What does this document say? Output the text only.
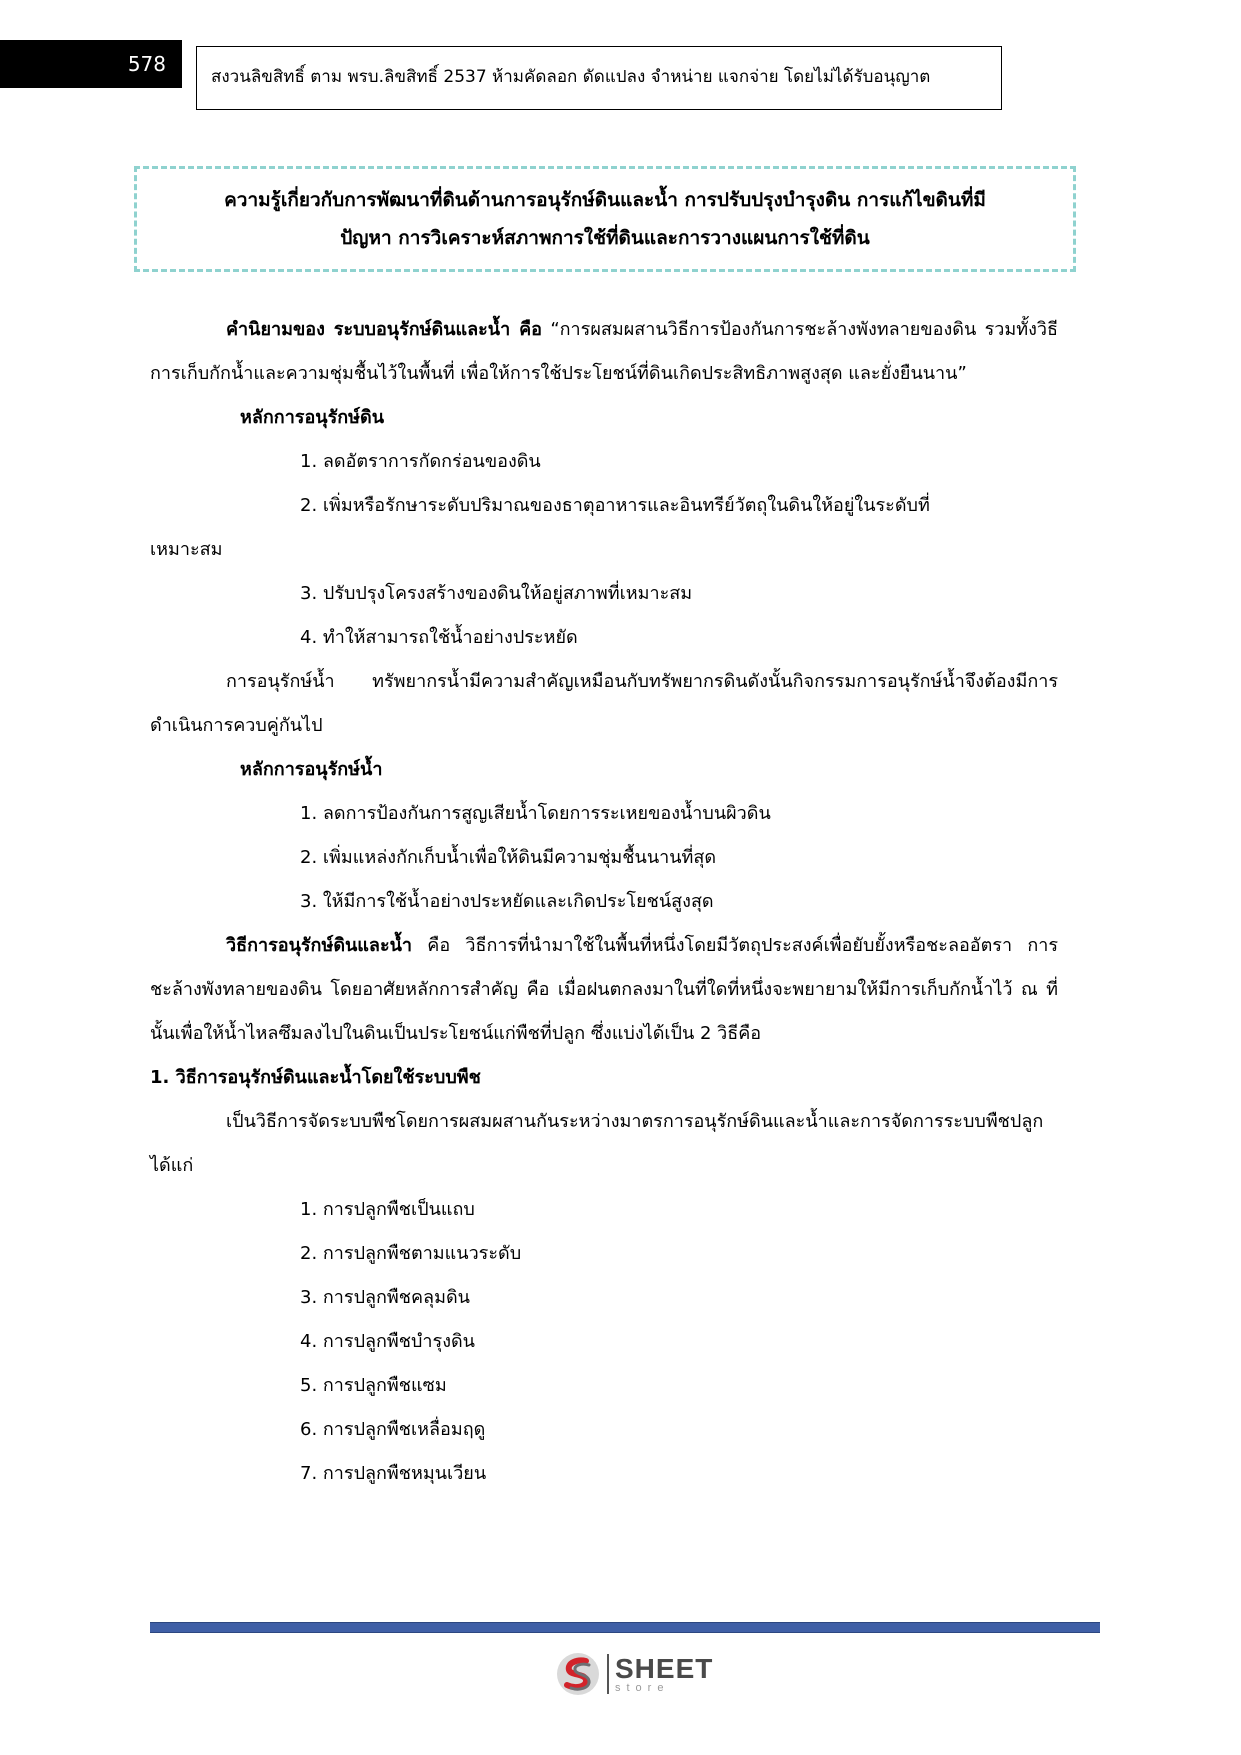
578
สงวนลิขสิทธิ์ ตาม พรบ.ลิขสิทธิ์ 2537 ห้ามคัดลอก ดัดแปลง จำหน่าย แจกจ่าย โดยไม่ได้รับอนุญาต
ความรู้เกี่ยวกับการพัฒนาที่ดินด้านการอนุรักษ์ดินและน้ำ การปรับปรุงบำรุงดิน การแก้ไขดินที่มี
ปัญหา การวิเคราะห์สภาพการใช้ที่ดินและการวางแผนการใช้ที่ดิน

คำนิยามของ ระบบอนุรักษ์ดินและน้ำ คือ “การผสมผสานวิธีการป้องกันการชะล้างพังทลายของดิน รวมทั้งวิธีการเก็บกักน้ำและความชุ่มชื้นไว้ในพื้นที่ เพื่อให้การใช้ประโยชน์ที่ดินเกิดประสิทธิภาพสูงสุด และยั่งยืนนาน”

หลักการอนุรักษ์ดิน

1. ลดอัตราการกัดกร่อนของดิน

2. เพิ่มหรือรักษาระดับปริมาณของธาตุอาหารและอินทรีย์วัตถุในดินให้อยู่ในระดับที่

เหมาะสม

3. ปรับปรุงโครงสร้างของดินให้อยู่สภาพที่เหมาะสม

4. ทำให้สามารถใช้น้ำอย่างประหยัด

การอนุรักษ์น้ำ ทรัพยากรน้ำมีความสำคัญเหมือนกับทรัพยากรดินดังนั้นกิจกรรมการอนุรักษ์น้ำจึงต้องมีการดำเนินการควบคู่กันไป

หลักการอนุรักษ์น้ำ

1. ลดการป้องกันการสูญเสียน้ำโดยการระเหยของน้ำบนผิวดิน

2. เพิ่มแหล่งกักเก็บน้ำเพื่อให้ดินมีความชุ่มชื้นนานที่สุด

3. ให้มีการใช้น้ำอย่างประหยัดและเกิดประโยชน์สูงสุด

วิธีการอนุรักษ์ดินและน้ำ คือ วิธีการที่นำมาใช้ในพื้นที่หนึ่งโดยมีวัตถุประสงค์เพื่อยับยั้งหรือชะลออัตรา การชะล้างพังทลายของดิน โดยอาศัยหลักการสำคัญ คือ เมื่อฝนตกลงมาในที่ใดที่หนึ่งจะพยายามให้มีการเก็บกักน้ำไว้ ณ ที่นั้นเพื่อให้น้ำไหลซึมลงไปในดินเป็นประโยชน์แก่พืชที่ปลูก ซึ่งแบ่งได้เป็น 2 วิธีคือ

1. วิธีการอนุรักษ์ดินและน้ำโดยใช้ระบบพืช

เป็นวิธีการจัดระบบพืชโดยการผสมผสานกันระหว่างมาตรการอนุรักษ์ดินและน้ำและการจัดการระบบพืชปลูก ได้แก่

1. การปลูกพืชเป็นแถบ

2. การปลูกพืชตามแนวระดับ

3. การปลูกพืชคลุมดิน

4. การปลูกพืชบำรุงดิน

5. การปลูกพืชแซม

6. การปลูกพืชเหลื่อมฤดู

7. การปลูกพืชหมุนเวียน

SHEET
store
